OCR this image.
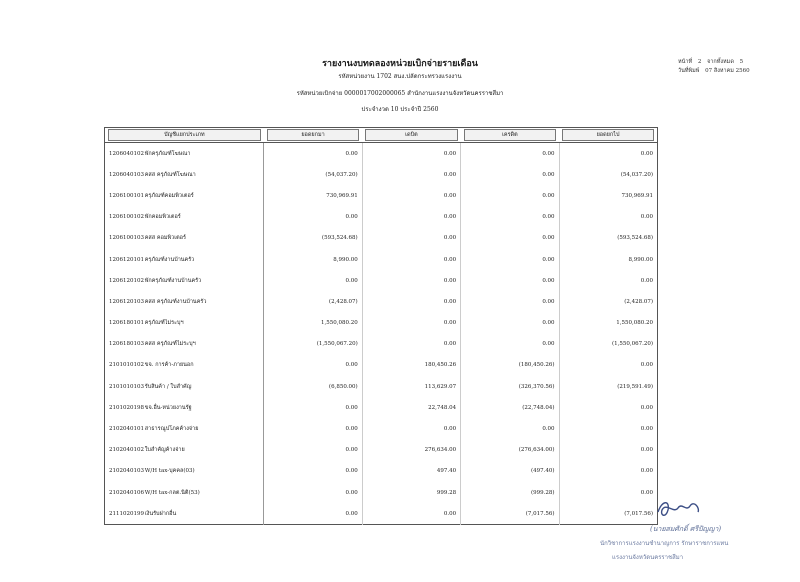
รายงานงบทดลองหน่วยเบิกจ่ายรายเดือน
รหัสหน่วยงาน 1702 สนง.ปลัดกระทรวงแรงงาน
รหัสหน่วยเบิกจ่าย 0000017002000065 สำนักงานแรงงานจังหวัดนครราชสีมา
ประจำงวด 10 ประจำปี 2560
หน้าที่ 2 จากทั้งหมด 5
วันที่พิมพ์ 07 สิงหาคม 2560
บัญชีแยกประเภท	ยอดยกมา	เดบิต	เครดิต	ยอดยกไป

1206040102 พักครุภัณฑ์โฆษณา	0.00	0.00	0.00	0.00
1206040103 คสส ครุภัณฑ์โฆษณา	(54,037.20)	0.00	0.00	(54,037.20)
1206100101 ครุภัณฑ์คอมพิวเตอร์	730,969.91	0.00	0.00	730,969.91
1206100102 พักคอมพิวเตอร์	0.00	0.00	0.00	0.00
1206100103 คสส คอมพิวเตอร์	(593,524.68)	0.00	0.00	(593,524.68)
1206120101 ครุภัณฑ์งานบ้านครัว	8,990.00	0.00	0.00	8,990.00
1206120102 พักครุภัณฑ์งานบ้านครัว	0.00	0.00	0.00	0.00
1206120103 คสส ครุภัณฑ์งานบ้านครัว	(2,428.07)	0.00	0.00	(2,428.07)
1206180101 ครุภัณฑ์ไม่ระบุฯ	1,550,080.20	0.00	0.00	1,550,080.20
1206180103 คสส ครุภัณฑ์ไม่ระบุฯ	(1,550,067.20)	0.00	0.00	(1,550,067.20)
2101010102 ขจ. การค้า-ภายนอก	0.00	180,450.26	(180,450.26)	0.00
2101010103 รับสินค้า / ใบสำคัญ	(6,850.00)	113,629.07	(326,370.56)	(219,591.49)
2101020198 ขจ.อื่น-หน่วยงานรัฐ	0.00	22,748.04	(22,748.04)	0.00
2102040101 สาธารณูปโภคค้างจ่าย	0.00	0.00	0.00	0.00
2102040102 ใบสำคัญค้างจ่าย	0.00	276,634.00	(276,634.00)	0.00
2102040103 W/H tax-บุคคล(03)	0.00	497.40	(497.40)	0.00
2102040106 W/H tax-กลต.นิติ(53)	0.00	999.28	(999.28)	0.00
2111020199 เงินรับฝากอื่น	0.00	0.00	(7,017.56)	(7,017.56)
(นายสมศักดิ์ ศรีปัญญา)
นักวิชาการแรงงานชำนาญการ รักษาราชการแทน
แรงงานจังหวัดนครราชสีมา
